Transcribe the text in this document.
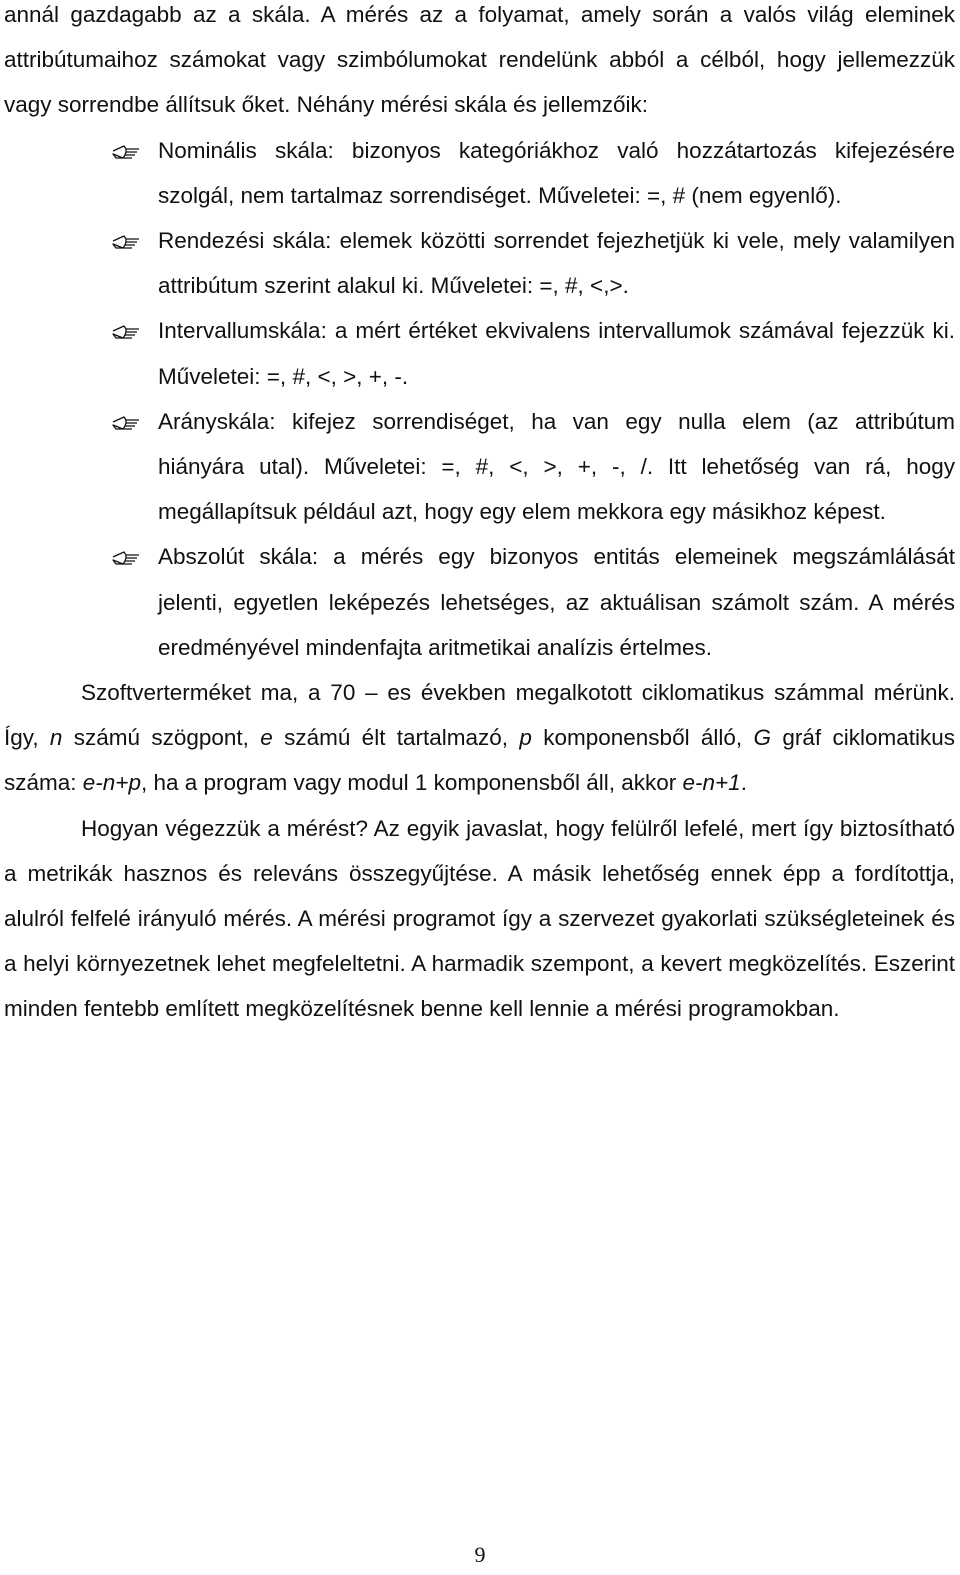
annál gazdagabb az a skála. A mérés az a folyamat, amely során a valós világ eleminek attribútumaihoz számokat vagy szimbólumokat rendelünk abból a célból, hogy jellemezzük vagy sorrendbe állítsuk őket. Néhány mérési skála és jellemzőik:

Nominális skála: bizonyos kategóriákhoz való hozzátartozás kifejezésére szolgál, nem tartalmaz sorrendiséget. Műveletei: =, # (nem egyenlő).
Rendezési skála: elemek közötti sorrendet fejezhetjük ki vele, mely valamilyen attribútum szerint alakul ki. Műveletei: =, #, <,>.
Intervallumskála: a mért értéket ekvivalens intervallumok számával fejezzük ki. Műveletei: =, #, <, >, +, -.
Arányskála: kifejez sorrendiséget, ha van egy nulla elem (az attribútum hiányára utal). Műveletei: =, #, <, >, +, -, /. Itt lehetőség van rá, hogy megállapítsuk például azt, hogy egy elem mekkora egy másikhoz képest.
Abszolút skála: a mérés egy bizonyos entitás elemeinek megszámlálását jelenti, egyetlen leképezés lehetséges, az aktuálisan számolt szám. A mérés eredményével mindenfajta aritmetikai analízis értelmes.

Szoftverterméket ma, a 70 – es években megalkotott ciklomatikus számmal mérünk. Így, n számú szögpont, e számú élt tartalmazó, p komponensből álló, G gráf ciklomatikus száma: e-n+p, ha a program vagy modul 1 komponensből áll, akkor e-n+1.

Hogyan végezzük a mérést? Az egyik javaslat, hogy felülről lefelé, mert így biztosítható a metrikák hasznos és releváns összegyűjtése. A másik lehetőség ennek épp a fordítottja, alulról felfelé irányuló mérés. A mérési programot így a szervezet gyakorlati szükségleteinek és a helyi környezetnek lehet megfeleltetni. A harmadik szempont, a kevert megközelítés. Eszerint minden fentebb említett megközelítésnek benne kell lennie a mérési programokban.

9
